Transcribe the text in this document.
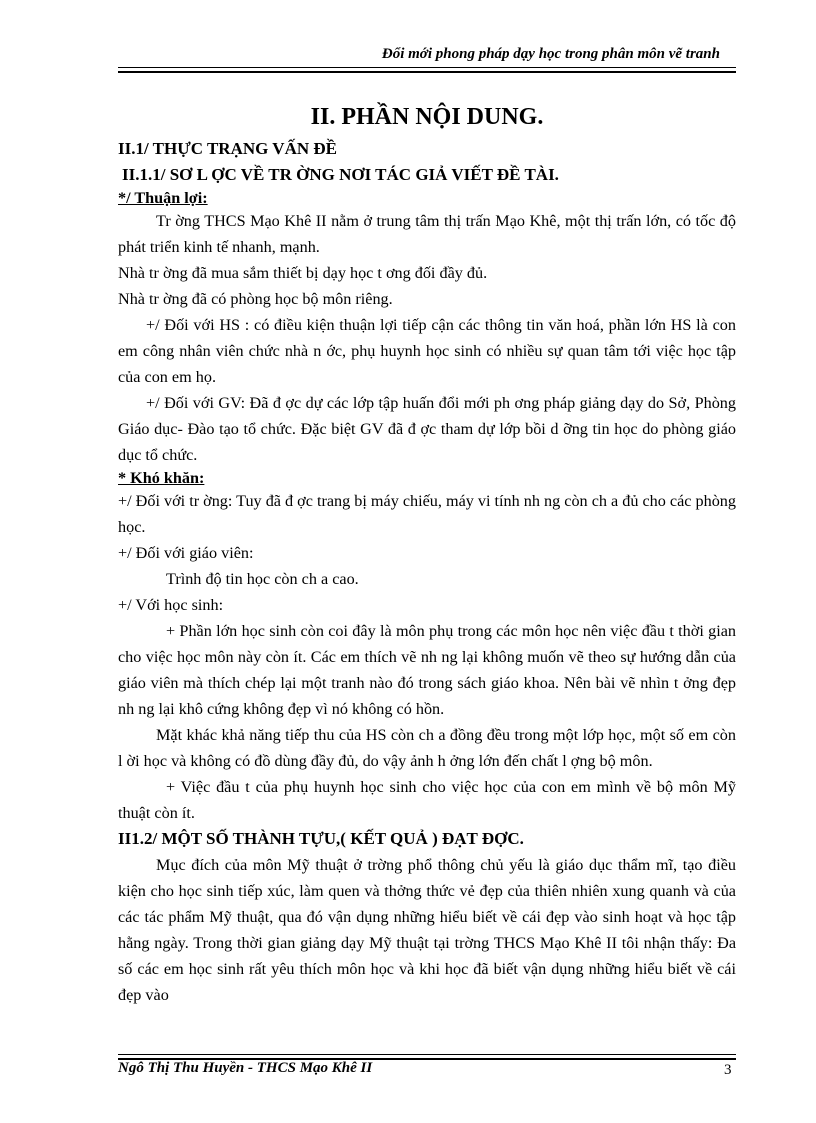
Đổi mới phong pháp dạy học trong phân môn vẽ tranh
II. PHẦN NỘI DUNG.
II.1/ THỰC TRẠNG VẤN ĐỀ
II.1.1/ SƠ L ỢC VỀ TR ỜNG NƠI TÁC GIẢ VIẾT ĐỀ TÀI.
*/ Thuận lợi:

Tr ờng THCS Mạo Khê II nằm ở trung tâm thị trấn Mạo Khê, một thị trấn lớn, có tốc độ phát triển kinh tế nhanh, mạnh.

Nhà tr ờng đã mua sắm thiết bị dạy học t ơng đối đầy đủ.

Nhà tr ờng đã có phòng học bộ môn riêng.

+/ Đối với HS : có điều kiện thuận lợi tiếp cận các thông tin văn hoá, phần lớn HS là con em công nhân viên chức nhà n ớc, phụ huynh học sinh có nhiều sự quan tâm tới việc học tập của con em họ.

+/ Đối với GV: Đã đ ợc dự các lớp tập huấn đổi mới ph ơng pháp giảng dạy do Sở, Phòng Giáo dục- Đào tạo tổ chức. Đặc biệt GV đã đ ợc tham dự lớp bồi d ỡng tin học do phòng giáo dục tổ chức.

* Khó khăn:

+/ Đối với tr ờng: Tuy đã đ ợc trang bị máy chiếu, máy vi tính nh ng còn ch a đủ cho các phòng học.

+/ Đối với giáo viên:

Trình độ tin học còn ch a cao.

+/ Với học sinh:

+ Phần lớn học sinh còn coi đây là môn phụ trong các môn học nên việc đầu t thời gian cho việc học môn này còn ít. Các em thích vẽ nh ng lại không muốn vẽ theo sự hướng dẫn của giáo viên mà thích chép lại một tranh nào đó trong sách giáo khoa. Nên bài vẽ nhìn t ởng đẹp nh ng lại khô cứng không đẹp vì nó không có hồn.

Mặt khác khả năng tiếp thu của HS còn ch a đồng đều trong một lớp học, một số em còn l ời học và không có đồ dùng đầy đủ, do vậy ảnh h ởng lớn đến chất l ợng bộ môn.

+ Việc đầu t của phụ huynh học sinh cho việc học của con em mình về bộ môn Mỹ thuật còn ít.

II1.2/ MỘT SỐ THÀNH TỰU,( KẾT QUẢ ) ĐẠT ĐỢC.

Mục đích của môn Mỹ thuật ở trờng phổ thông chủ yếu là giáo dục thẩm mĩ, tạo điều kiện cho học sinh tiếp xúc, làm quen và thởng thức vẻ đẹp của thiên nhiên xung quanh và của các tác phẩm Mỹ thuật, qua đó vận dụng những hiểu biết về cái đẹp vào sinh hoạt và học tập hằng ngày. Trong thời gian giảng dạy Mỹ thuật tại trờng THCS Mạo Khê II tôi nhận thấy: Đa số các em học sinh rất yêu thích môn học và khi học đã biết vận dụng những hiểu biết về cái đẹp vào

Ngô Thị Thu Huyền - THCS Mạo Khê II	3
